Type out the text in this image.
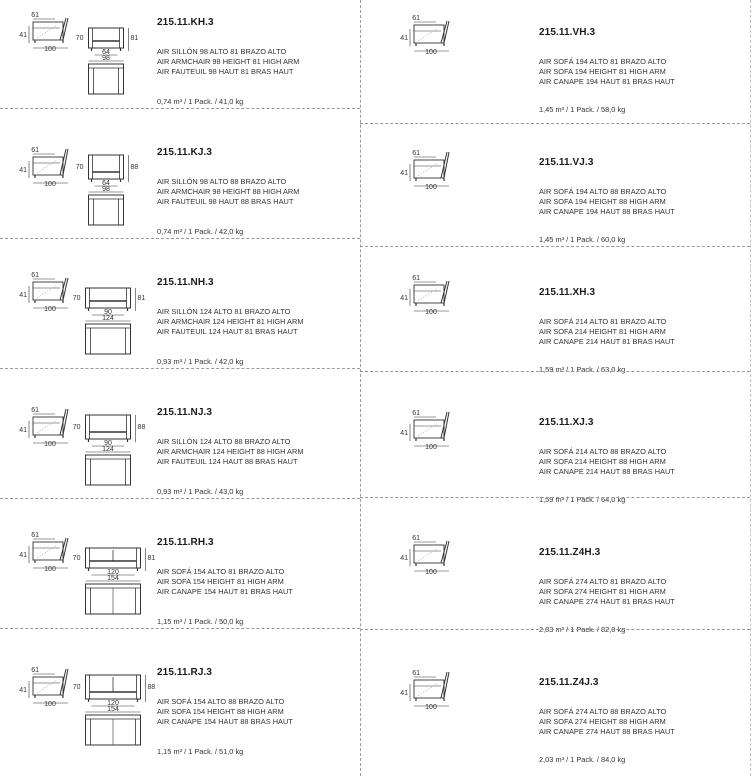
215.11.KH.3
AIR SILLÓN 98 ALTO 81 BRAZO ALTO
AIR ARMCHAIR 98 HEIGHT 81 HIGH ARM
AIR FAUTEUIL 98 HAUT 81 BRAS HAUT
0,74 m³ / 1 Pack. / 41,0 kg
61
41
100
81
70
64
98
215.11.VH.3
AIR SOFÁ 194 ALTO 81 BRAZO ALTO
AIR SOFA 194 HEIGHT 81 HIGH ARM
AIR CANAPE 194 HAUT 81 BRAS HAUT
1,45 m³ / 1 Pack. / 58,0 kg
61
41
100
215.11.KJ.3
AIR SILLÓN 98 ALTO 88 BRAZO ALTO
AIR ARMCHAIR 98 HEIGHT 88 HIGH ARM
AIR FAUTEUIL 98 HAUT 88 BRAS HAUT
0,74 m³ / 1 Pack. / 42,0 kg
61
41
100
88
70
64
98
215.11.VJ.3
AIR SOFÁ 194 ALTO 88 BRAZO ALTO
AIR SOFA 194 HEIGHT 88 HIGH ARM
AIR CANAPE 194 HAUT 88 BRAS HAUT
1,45 m³ / 1 Pack. / 60,0 kg
61
41
100
215.11.NH.3
AIR SILLÓN 124 ALTO 81 BRAZO ALTO
AIR ARMCHAIR 124 HEIGHT 81 HIGH ARM
AIR FAUTEUIL 124 HAUT 81 BRAS HAUT
0,93 m³ / 1 Pack. / 42,0 kg
61
41
100
81
70
90
124
215.11.XH.3
AIR SOFÁ 214 ALTO 81 BRAZO ALTO
AIR SOFA 214 HEIGHT 81 HIGH ARM
AIR CANAPE 214 HAUT 81 BRAS HAUT
1,59 m³ / 1 Pack. / 63,0 kg
61
41
100
215.11.NJ.3
AIR SILLÓN 124 ALTO 88 BRAZO ALTO
AIR ARMCHAIR 124 HEIGHT 88 HIGH ARM
AIR FAUTEUIL 124 HAUT 88 BRAS HAUT
0,93 m³ / 1 Pack. / 43,0 kg
61
41
100
88
70
90
124
215.11.XJ.3
AIR SOFÁ 214 ALTO 88 BRAZO ALTO
AIR SOFA 214 HEIGHT 88 HIGH ARM
AIR CANAPE 214 HAUT 88 BRAS HAUT
1,59 m³ / 1 Pack. / 64,0 kg
61
41
100
215.11.RH.3
AIR SOFÁ 154 ALTO 81 BRAZO ALTO
AIR SOFA 154 HEIGHT 81 HIGH ARM
AIR CANAPE 154 HAUT 81 BRAS HAUT
1,15 m³ / 1 Pack. / 50,0 kg
61
41
100
81
70
120
154
215.11.Z4H.3
AIR SOFÁ 274 ALTO 81 BRAZO ALTO
AIR SOFA 274 HEIGHT 81 HIGH ARM
AIR CANAPE 274 HAUT 81 BRAS HAUT
2,03 m³ / 1 Pack. / 82,0 kg
61
41
100
215.11.RJ.3
AIR SOFÁ 154 ALTO 88 BRAZO ALTO
AIR SOFA 154 HEIGHT 88 HIGH ARM
AIR CANAPE 154 HAUT 88 BRAS HAUT
1,15 m³ / 1 Pack. / 51,0 kg
61
41
100
88
70
120
154
215.11.Z4J.3
AIR SOFÁ 274 ALTO 88 BRAZO ALTO
AIR SOFA 274 HEIGHT 88 HIGH ARM
AIR CANAPE 274 HAUT 88 BRAS HAUT
2,03 m³ / 1 Pack. / 84,0 kg
61
41
100
